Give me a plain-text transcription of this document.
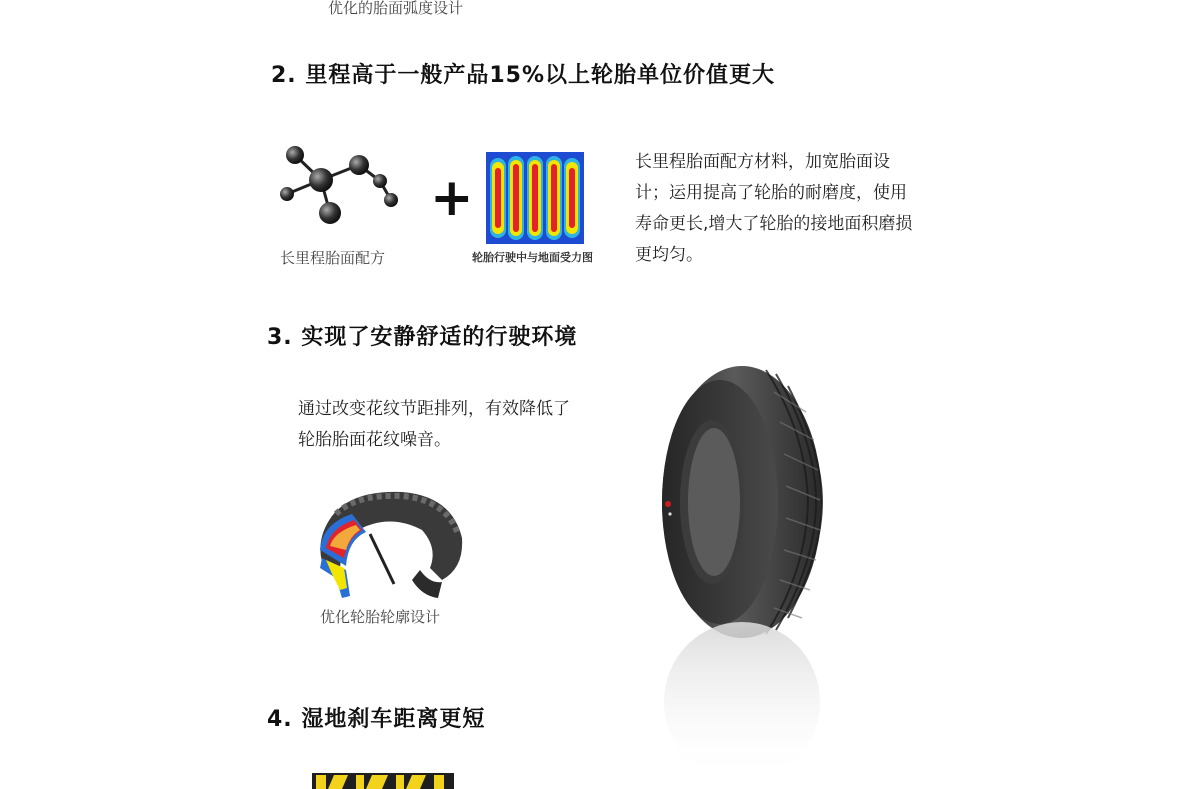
优化的胎面弧度设计
2. 里程高于一般产品15%以上轮胎单位价值更大
长里程胎面配方
+
轮胎行驶中与地面受力图
长里程胎面配方材料，加宽胎面设计；运用提高了轮胎的耐磨度，使用寿命更长,增大了轮胎的接地面积磨损更均匀。
3. 实现了安静舒适的行驶环境
通过改变花纹节距排列，有效降低了轮胎胎面花纹噪音。
优化轮胎轮廓设计
4. 湿地刹车距离更短
